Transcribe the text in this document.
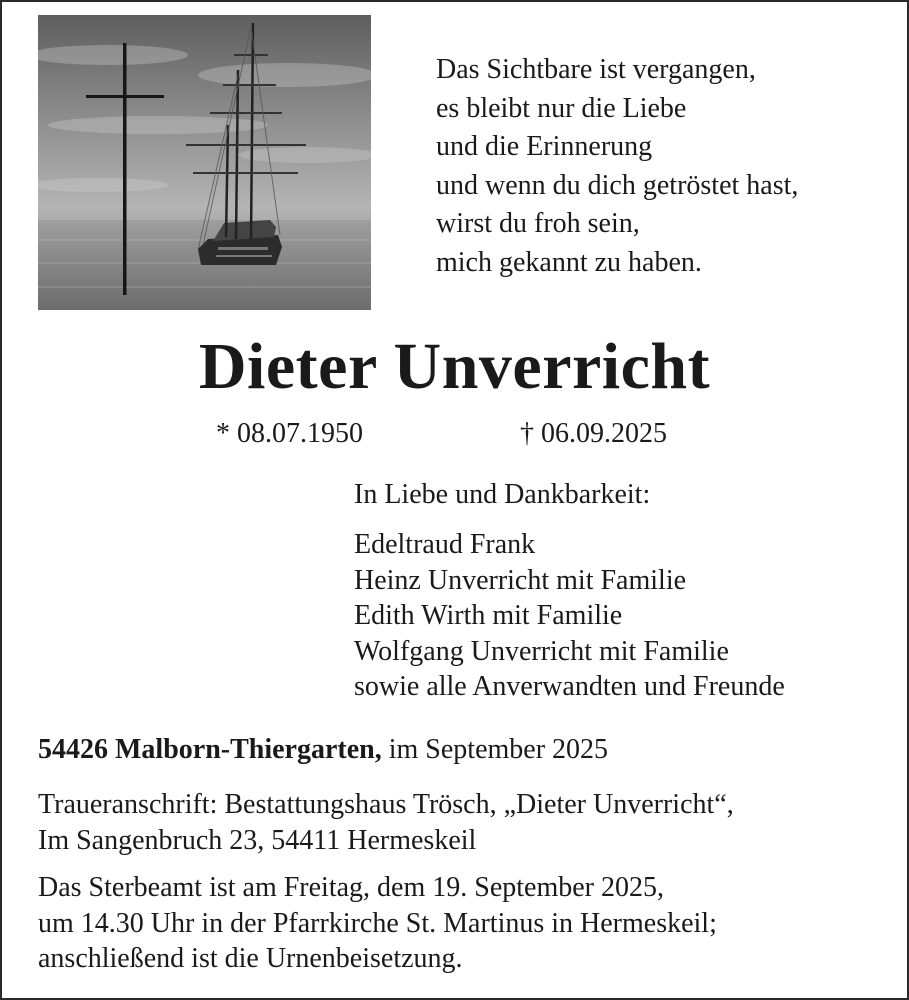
Das Sichtbare ist vergangen,
es bleibt nur die Liebe
und die Erinnerung
und wenn du dich getröstet hast,
wirst du froh sein,
mich gekannt zu haben.
Dieter Unverricht
* 08.07.1950	† 06.09.2025
In Liebe und Dankbarkeit:
Edeltraud Frank
Heinz Unverricht mit Familie
Edith Wirth mit Familie
Wolfgang Unverricht mit Familie
sowie alle Anverwandten und Freunde
54426 Malborn-Thiergarten, im September 2025
Traueranschrift: Bestattungshaus Trösch, „Dieter Unverricht“,
Im Sangenbruch 23, 54411 Hermeskeil
Das Sterbeamt ist am Freitag, dem 19. September 2025,
um 14.30 Uhr in der Pfarrkirche St. Martinus in Hermeskeil;
anschließend ist die Urnenbeisetzung.
